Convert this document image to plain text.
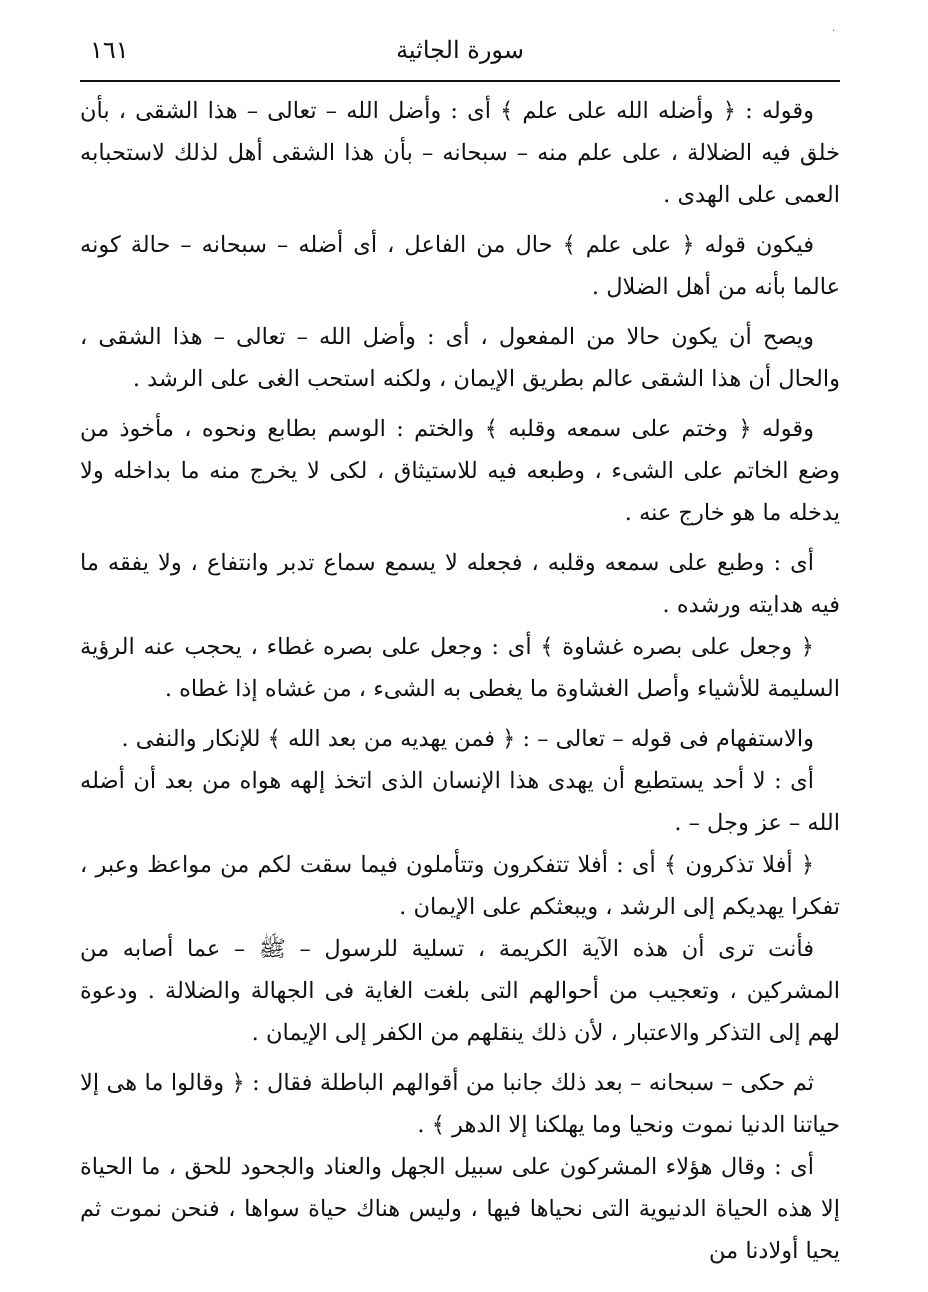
·
١٦١	سورة الجاثية

وقوله : ﴿ وأضله الله على علم ﴾ أى : وأضل الله – تعالى – هذا الشقى ، بأن خلق فيه الضلالة ، على علم منه – سبحانه – بأن هذا الشقى أهل لذلك لاستحبابه العمى على الهدى .

فيكون قوله ﴿ على علم ﴾ حال من الفاعل ، أى أضله – سبحانه – حالة كونه عالما بأنه من أهل الضلال .

ويصح أن يكون حالا من المفعول ، أى : وأضل الله – تعالى – هذا الشقى ، والحال أن هذا الشقى عالم بطريق الإيمان ، ولكنه استحب الغى على الرشد .

وقوله ﴿ وختم على سمعه وقلبه ﴾ والختم : الوسم بطابع ونحوه ، مأخوذ من وضع الخاتم على الشىء ، وطبعه فيه للاستيثاق ، لكى لا يخرج منه ما بداخله ولا يدخله ما هو خارج عنه .

أى : وطبع على سمعه وقلبه ، فجعله لا يسمع سماع تدبر وانتفاع ، ولا يفقه ما فيه هدايته ورشده .

﴿ وجعل على بصره غشاوة ﴾ أى : وجعل على بصره غطاء ، يحجب عنه الرؤية السليمة للأشياء وأصل الغشاوة ما يغطى به الشىء ، من غشاه إذا غطاه .

والاستفهام فى قوله – تعالى – : ﴿ فمن يهديه من بعد الله ﴾ للإنكار والنفى .

أى : لا أحد يستطيع أن يهدى هذا الإنسان الذى اتخذ إلهه هواه من بعد أن أضله الله – عز وجل – .

﴿ أفلا تذكرون ﴾ أى : أفلا تتفكرون وتتأملون فيما سقت لكم من مواعظ وعبر ، تفكرا يهديكم إلى الرشد ، ويبعثكم على الإيمان .

فأنت ترى أن هذه الآية الكريمة ، تسلية للرسول – ﷺ – عما أصابه من المشركين ، وتعجيب من أحوالهم التى بلغت الغاية فى الجهالة والضلالة . ودعوة لهم إلى التذكر والاعتبار ، لأن ذلك ينقلهم من الكفر إلى الإيمان .

ثم حكى – سبحانه – بعد ذلك جانبا من أقوالهم الباطلة فقال : ﴿ وقالوا ما هى إلا حياتنا الدنيا نموت ونحيا وما يهلكنا إلا الدهر ﴾ .

أى : وقال هؤلاء المشركون على سبيل الجهل والعناد والجحود للحق ، ما الحياة إلا هذه الحياة الدنيوية التى نحياها فيها ، وليس هناك حياة سواها ، فنحن نموت ثم يحيا أولادنا من
